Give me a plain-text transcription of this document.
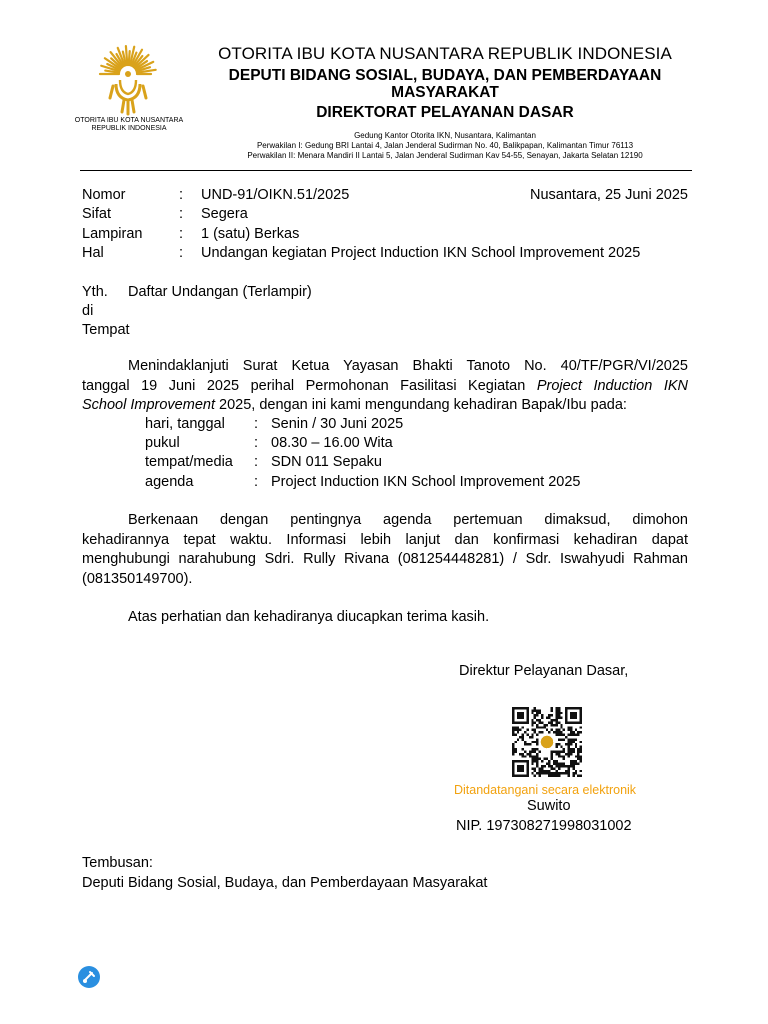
OTORITA IBU KOTA NUSANTARA
REPUBLIK INDONESIA
OTORITA IBU KOTA NUSANTARA REPUBLIK INDONESIA
DEPUTI BIDANG SOSIAL, BUDAYA, DAN PEMBERDAYAAN MASYARAKAT
DIREKTORAT PELAYANAN DASAR
Gedung Kantor Otorita IKN, Nusantara, Kalimantan
Perwakilan I: Gedung BRI Lantai 4, Jalan Jenderal Sudirman No. 40, Balikpapan, Kalimantan Timur 76113
Perwakilan II: Menara Mandiri II Lantai 5, Jalan Jenderal Sudirman Kav 54-55, Senayan, Jakarta Selatan 12190
Nomor	: UND-91/OIKN.51/2025	Nusantara, 25 Juni 2025
Sifat	: Segera
Lampiran	: 1 (satu) Berkas
Hal	: Undangan kegiatan Project Induction IKN School Improvement 2025
Yth. Daftar Undangan (Terlampir)
di
Tempat
Menindaklanjuti Surat Ketua Yayasan Bhakti Tanoto No. 40/TF/PGR/VI/2025
tanggal 19 Juni 2025 perihal Permohonan Fasilitasi Kegiatan Project Induction IKN
School Improvement 2025, dengan ini kami mengundang kehadiran Bapak/Ibu pada:
hari, tanggal : Senin / 30 Juni 2025
pukul	: 08.30 – 16.00 Wita
tempat/media : SDN 011 Sepaku
agenda	: Project Induction IKN School Improvement 2025
Berkenaan dengan pentingnya agenda pertemuan dimaksud, dimohon
kehadirannya tepat waktu. Informasi lebih lanjut dan konfirmasi kehadiran dapat
menghubungi narahubung Sdri. Rully Rivana (081254448281) / Sdr. Iswahyudi Rahman
(081350149700).
Atas perhatian dan kehadiranya diucapkan terima kasih.
Direktur Pelayanan Dasar,
Ditandatangani secara elektronik
Suwito
NIP. 197308271998031002
Tembusan:
Deputi Bidang Sosial, Budaya, dan Pemberdayaan Masyarakat
